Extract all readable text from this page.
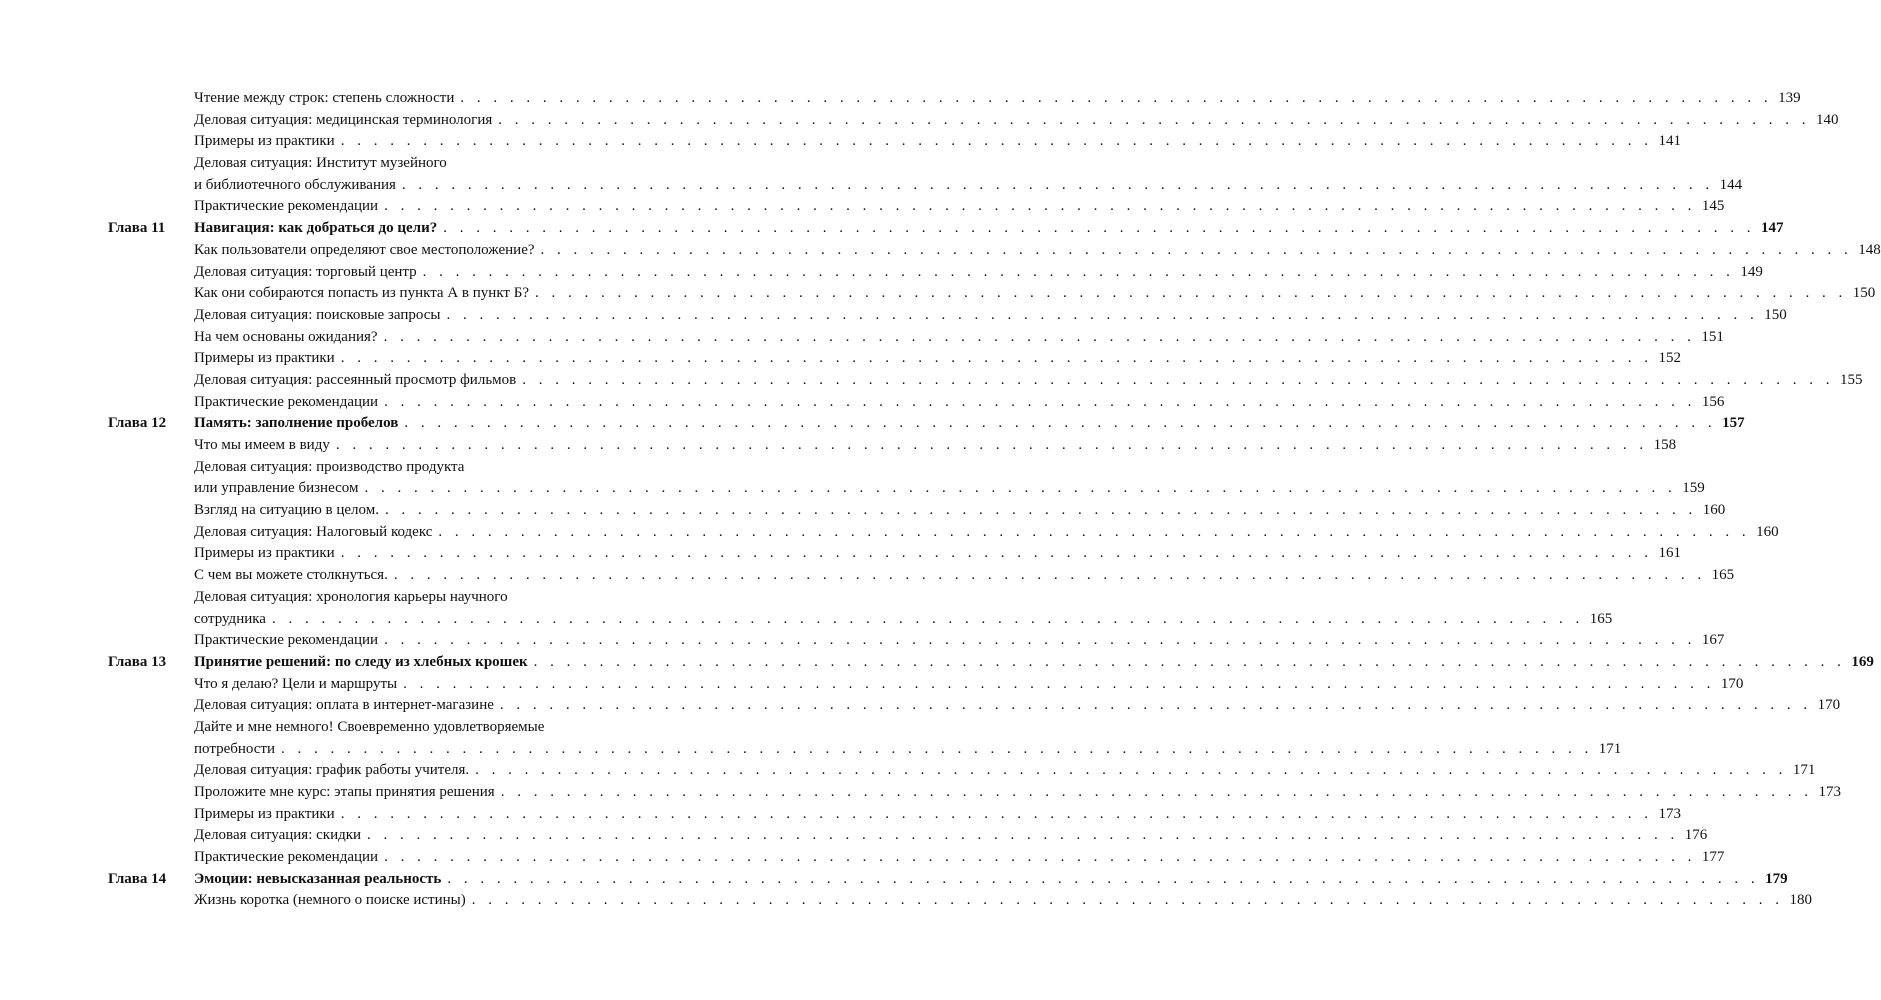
Чтение между строк: степень сложности . . . . . . . . . . . . . . . . . . . . . . . . . . . . . . . . . . . . . . . . . . . . . . . . . . . . . . . . . . . . . . . . . . . . . . . . . . . . . . . . 139
Деловая ситуация: медицинская терминология . . . . . . . . . . . . . . . . . . . . . . . . . . . . . . . . . . . . . . . . . . . . . . . . . . . . . . . . . . . . . . . . . . . . . . . . . . . . . . . . 140
Примеры из практики . . . . . . . . . . . . . . . . . . . . . . . . . . . . . . . . . . . . . . . . . . . . . . . . . . . . . . . . . . . . . . . . . . . . . . . . . . . . . . . . 141
Деловая ситуация: Институт музейного
и библиотечного обслуживания . . . . . . . . . . . . . . . . . . . . . . . . . . . . . . . . . . . . . . . . . . . . . . . . . . . . . . . . . . . . . . . . . . . . . . . . . . . . . . . . 144
Практические рекомендации . . . . . . . . . . . . . . . . . . . . . . . . . . . . . . . . . . . . . . . . . . . . . . . . . . . . . . . . . . . . . . . . . . . . . . . . . . . . . . . . 145
Глава 11 Навигация: как добраться до цели? . . . . . . . . . . . . . . . . . . . . . . . . . . . . . . . . . . . . . . . . . . . . . . . . . . . . . . . . . . . . . . . . . . . . . . . . . . . . . . . . 147
Как пользователи определяют свое местоположение? . . . . . . . . . . . . . . . . . . . . . . . . . . . . . . . . . . . . . . . . . . . . . . . . . . . . . . . . . . . . . . . . . . . . . . . . . . . . . . . . 148
Деловая ситуация: торговый центр . . . . . . . . . . . . . . . . . . . . . . . . . . . . . . . . . . . . . . . . . . . . . . . . . . . . . . . . . . . . . . . . . . . . . . . . . . . . . . . . 149
Как они собираются попасть из пункта А в пункт Б? . . . . . . . . . . . . . . . . . . . . . . . . . . . . . . . . . . . . . . . . . . . . . . . . . . . . . . . . . . . . . . . . . . . . . . . . . . . . . . . . 150
Деловая ситуация: поисковые запросы . . . . . . . . . . . . . . . . . . . . . . . . . . . . . . . . . . . . . . . . . . . . . . . . . . . . . . . . . . . . . . . . . . . . . . . . . . . . . . . . 150
На чем основаны ожидания? . . . . . . . . . . . . . . . . . . . . . . . . . . . . . . . . . . . . . . . . . . . . . . . . . . . . . . . . . . . . . . . . . . . . . . . . . . . . . . . . 151
Примеры из практики . . . . . . . . . . . . . . . . . . . . . . . . . . . . . . . . . . . . . . . . . . . . . . . . . . . . . . . . . . . . . . . . . . . . . . . . . . . . . . . . 152
Деловая ситуация: рассеянный просмотр фильмов . . . . . . . . . . . . . . . . . . . . . . . . . . . . . . . . . . . . . . . . . . . . . . . . . . . . . . . . . . . . . . . . . . . . . . . . . . . . . . . . 155
Практические рекомендации . . . . . . . . . . . . . . . . . . . . . . . . . . . . . . . . . . . . . . . . . . . . . . . . . . . . . . . . . . . . . . . . . . . . . . . . . . . . . . . . 156
Глава 12 Память: заполнение пробелов . . . . . . . . . . . . . . . . . . . . . . . . . . . . . . . . . . . . . . . . . . . . . . . . . . . . . . . . . . . . . . . . . . . . . . . . . . . . . . . . 157
Что мы имеем в виду . . . . . . . . . . . . . . . . . . . . . . . . . . . . . . . . . . . . . . . . . . . . . . . . . . . . . . . . . . . . . . . . . . . . . . . . . . . . . . . . 158
Деловая ситуация: производство продукта
или управление бизнесом . . . . . . . . . . . . . . . . . . . . . . . . . . . . . . . . . . . . . . . . . . . . . . . . . . . . . . . . . . . . . . . . . . . . . . . . . . . . . . . . 159
Взгляд на ситуацию в целом. . . . . . . . . . . . . . . . . . . . . . . . . . . . . . . . . . . . . . . . . . . . . . . . . . . . . . . . . . . . . . . . . . . . . . . . . . . . . . . . . 160
Деловая ситуация: Налоговый кодекс . . . . . . . . . . . . . . . . . . . . . . . . . . . . . . . . . . . . . . . . . . . . . . . . . . . . . . . . . . . . . . . . . . . . . . . . . . . . . . . . 160
Примеры из практики . . . . . . . . . . . . . . . . . . . . . . . . . . . . . . . . . . . . . . . . . . . . . . . . . . . . . . . . . . . . . . . . . . . . . . . . . . . . . . . . 161
С чем вы можете столкнуться. . . . . . . . . . . . . . . . . . . . . . . . . . . . . . . . . . . . . . . . . . . . . . . . . . . . . . . . . . . . . . . . . . . . . . . . . . . . . . . . . 165
Деловая ситуация: хронология карьеры научного
сотрудника . . . . . . . . . . . . . . . . . . . . . . . . . . . . . . . . . . . . . . . . . . . . . . . . . . . . . . . . . . . . . . . . . . . . . . . . . . . . . . . . 165
Практические рекомендации . . . . . . . . . . . . . . . . . . . . . . . . . . . . . . . . . . . . . . . . . . . . . . . . . . . . . . . . . . . . . . . . . . . . . . . . . . . . . . . . 167
Глава 13 Принятие решений: по следу из хлебных крошек . . . . . . . . . . . . . . . . . . . . . . . . . . . . . . . . . . . . . . . . . . . . . . . . . . . . . . . . . . . . . . . . . . . . . . . . . . . . . . . . 169
Что я делаю? Цели и маршруты . . . . . . . . . . . . . . . . . . . . . . . . . . . . . . . . . . . . . . . . . . . . . . . . . . . . . . . . . . . . . . . . . . . . . . . . . . . . . . . . 170
Деловая ситуация: оплата в интернет-магазине . . . . . . . . . . . . . . . . . . . . . . . . . . . . . . . . . . . . . . . . . . . . . . . . . . . . . . . . . . . . . . . . . . . . . . . . . . . . . . . . 170
Дайте и мне немного! Своевременно удовлетворяемые
потребности . . . . . . . . . . . . . . . . . . . . . . . . . . . . . . . . . . . . . . . . . . . . . . . . . . . . . . . . . . . . . . . . . . . . . . . . . . . . . . . . 171
Деловая ситуация: график работы учителя. . . . . . . . . . . . . . . . . . . . . . . . . . . . . . . . . . . . . . . . . . . . . . . . . . . . . . . . . . . . . . . . . . . . . . . . . . . . . . . . . 171
Проложите мне курс: этапы принятия решения . . . . . . . . . . . . . . . . . . . . . . . . . . . . . . . . . . . . . . . . . . . . . . . . . . . . . . . . . . . . . . . . . . . . . . . . . . . . . . . . 173
Примеры из практики . . . . . . . . . . . . . . . . . . . . . . . . . . . . . . . . . . . . . . . . . . . . . . . . . . . . . . . . . . . . . . . . . . . . . . . . . . . . . . . . 173
Деловая ситуация: скидки . . . . . . . . . . . . . . . . . . . . . . . . . . . . . . . . . . . . . . . . . . . . . . . . . . . . . . . . . . . . . . . . . . . . . . . . . . . . . . . . 176
Практические рекомендации . . . . . . . . . . . . . . . . . . . . . . . . . . . . . . . . . . . . . . . . . . . . . . . . . . . . . . . . . . . . . . . . . . . . . . . . . . . . . . . . 177
Глава 14 Эмоции: невысказанная реальность . . . . . . . . . . . . . . . . . . . . . . . . . . . . . . . . . . . . . . . . . . . . . . . . . . . . . . . . . . . . . . . . . . . . . . . . . . . . . . . . 179
Жизнь коротка (немного о поиске истины) . . . . . . . . . . . . . . . . . . . . . . . . . . . . . . . . . . . . . . . . . . . . . . . . . . . . . . . . . . . . . . . . . . . . . . . . . . . . . . . . 180
